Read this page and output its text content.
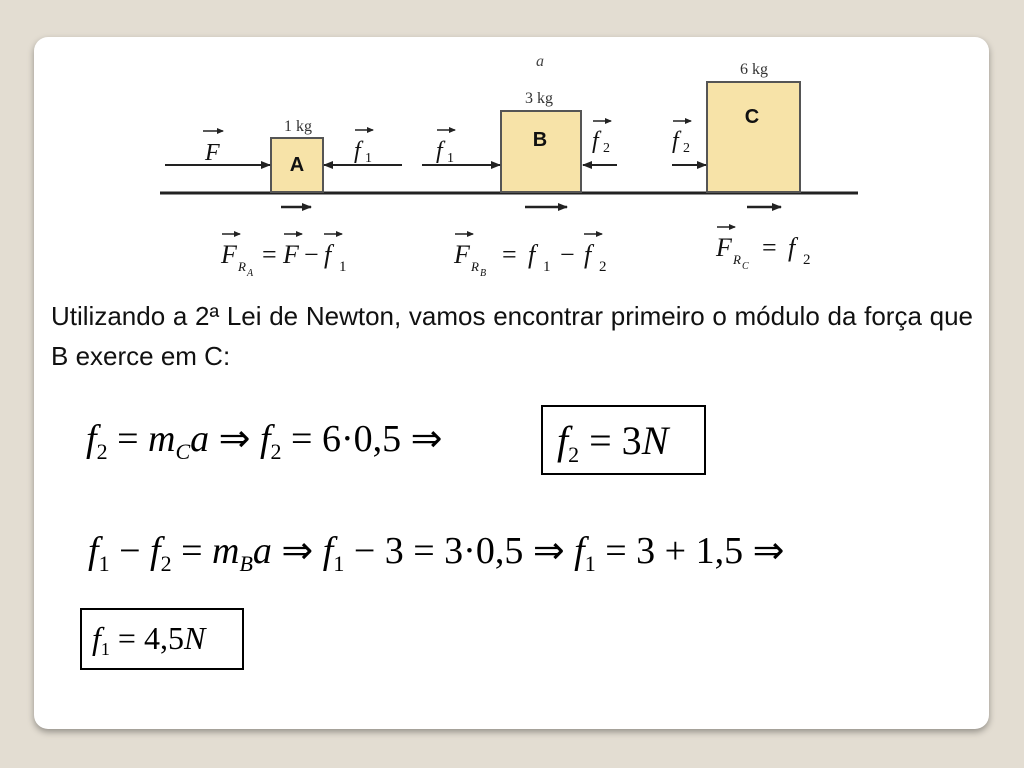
a
A
1 kg
B
3 kg
C
6 kg
F	f 1	f 1
f 2	f 2
F R A
= F − f 1	F R B
= f 1 − f 2
F R C
= f 2

Utilizando a 2ª Lei de Newton, vamos encontrar primeiro o módulo da força que B exerce em C:

$f_2 = m_Ca$ ⇒ $f_2 = 6\cdot 0,5$ ⇒	$f_2 = 3N$
$f_1 - f_2 = m_Ba$ ⇒ $f_1 - 3 = 3\cdot 0,5$ ⇒ $f_1 = 3 + 1,5$ ⇒
$f_1 = 4,5N$
